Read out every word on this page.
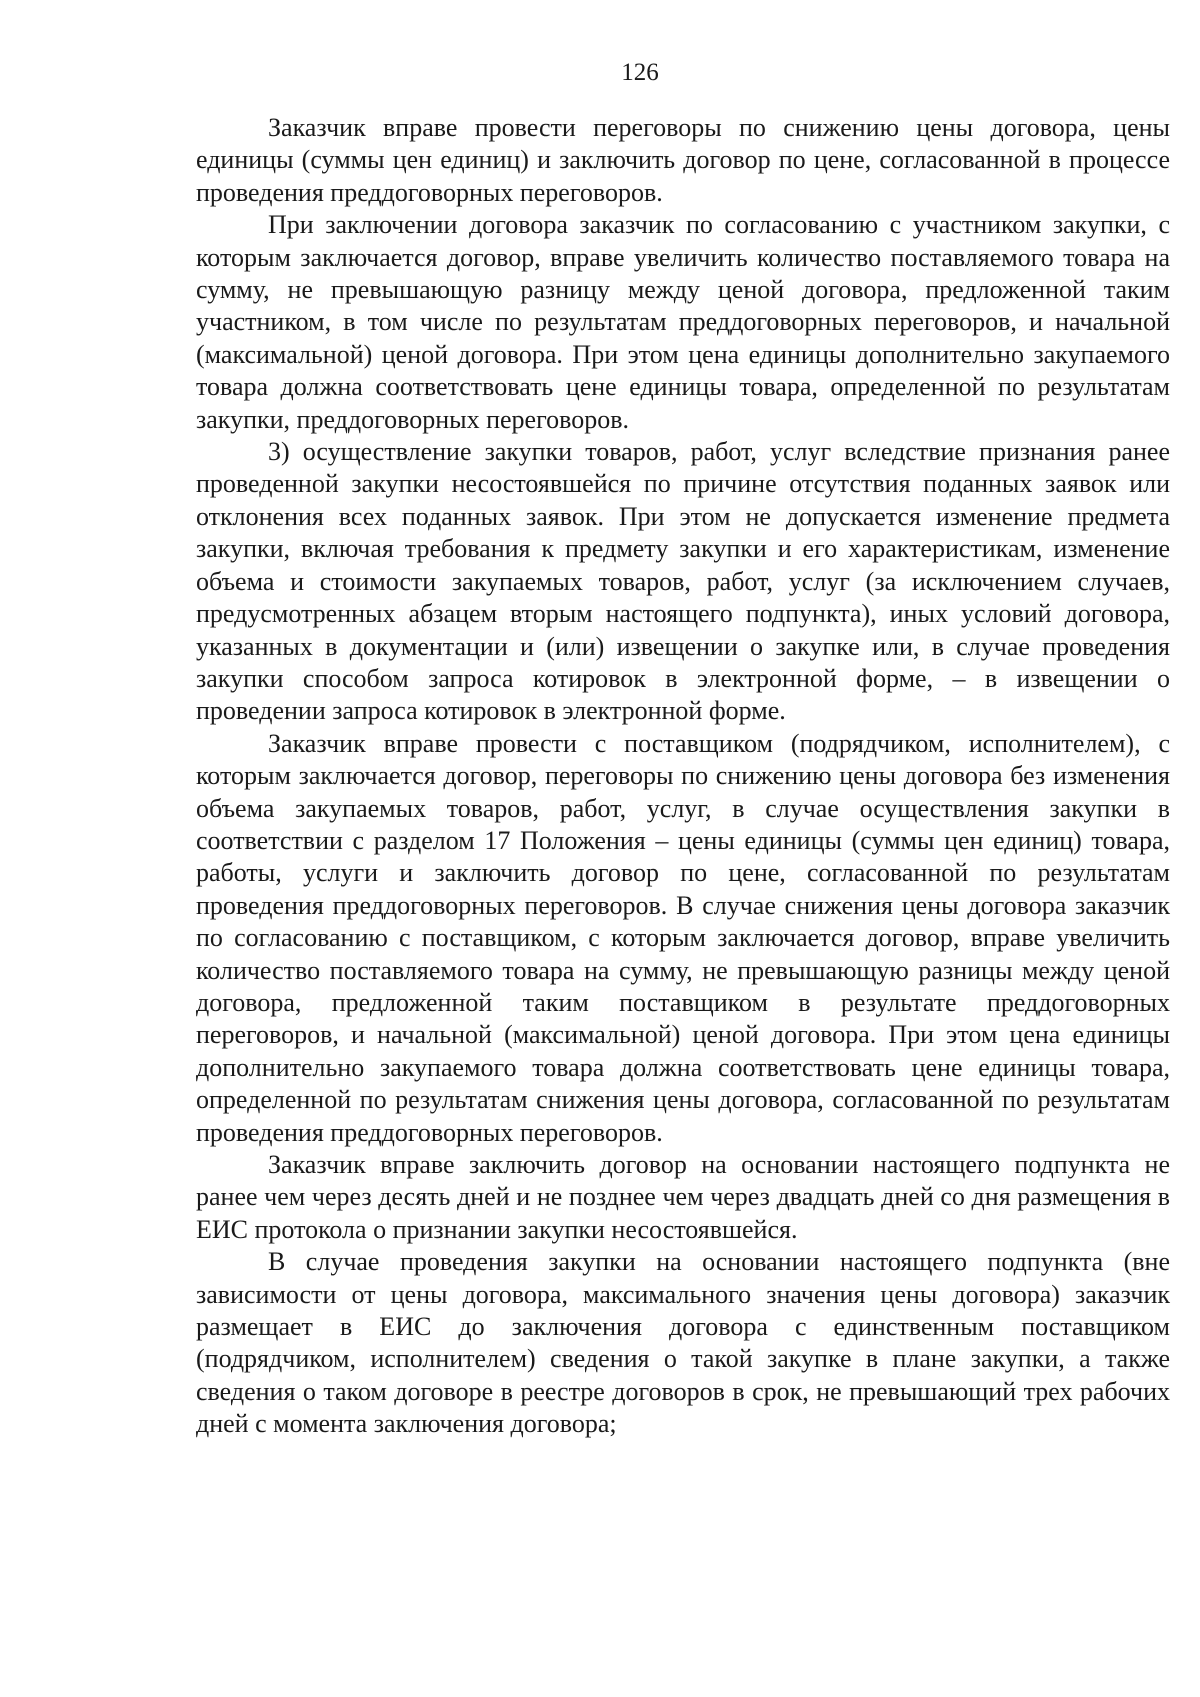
126

Заказчик вправе провести переговоры по снижению цены договора, цены единицы (суммы цен единиц) и заключить договор по цене, согласованной в процессе проведения преддоговорных переговоров.

При заключении договора заказчик по согласованию с участником закупки, с которым заключается договор, вправе увеличить количество поставляемого товара на сумму, не превышающую разницу между ценой договора, предложенной таким участником, в том числе по результатам преддоговорных переговоров, и начальной (максимальной) ценой договора. При этом цена единицы дополнительно закупаемого товара должна соответствовать цене единицы товара, определенной по результатам закупки, преддоговорных переговоров.

3) осуществление закупки товаров, работ, услуг вследствие признания ранее проведенной закупки несостоявшейся по причине отсутствия поданных заявок или отклонения всех поданных заявок. При этом не допускается изменение предмета закупки, включая требования к предмету закупки и его характеристикам, изменение объема и стоимости закупаемых товаров, работ, услуг (за исключением случаев, предусмотренных абзацем вторым настоящего подпункта), иных условий договора, указанных в документации и (или) извещении о закупке или, в случае проведения закупки способом запроса котировок в электронной форме, – в извещении о проведении запроса котировок в электронной форме.

Заказчик вправе провести с поставщиком (подрядчиком, исполнителем), с которым заключается договор, переговоры по снижению цены договора без изменения объема закупаемых товаров, работ, услуг, в случае осуществления закупки в соответствии с разделом 17 Положения – цены единицы (суммы цен единиц) товара, работы, услуги и заключить договор по цене, согласованной по результатам проведения преддоговорных переговоров. В случае снижения цены договора заказчик по согласованию с поставщиком, с которым заключается договор, вправе увеличить количество поставляемого товара на сумму, не превышающую разницы между ценой договора, предложенной таким поставщиком в результате преддоговорных переговоров, и начальной (максимальной) ценой договора. При этом цена единицы дополнительно закупаемого товара должна соответствовать цене единицы товара, определенной по результатам снижения цены договора, согласованной по результатам проведения преддоговорных переговоров.

Заказчик вправе заключить договор на основании настоящего подпункта не ранее чем через десять дней и не позднее чем через двадцать дней со дня размещения в ЕИС протокола о признании закупки несостоявшейся.

В случае проведения закупки на основании настоящего подпункта (вне зависимости от цены договора, максимального значения цены договора) заказчик размещает в ЕИС до заключения договора с единственным поставщиком (подрядчиком, исполнителем) сведения о такой закупке в плане закупки, а также сведения о таком договоре в реестре договоров в срок, не превышающий трех рабочих дней с момента заключения договора;
